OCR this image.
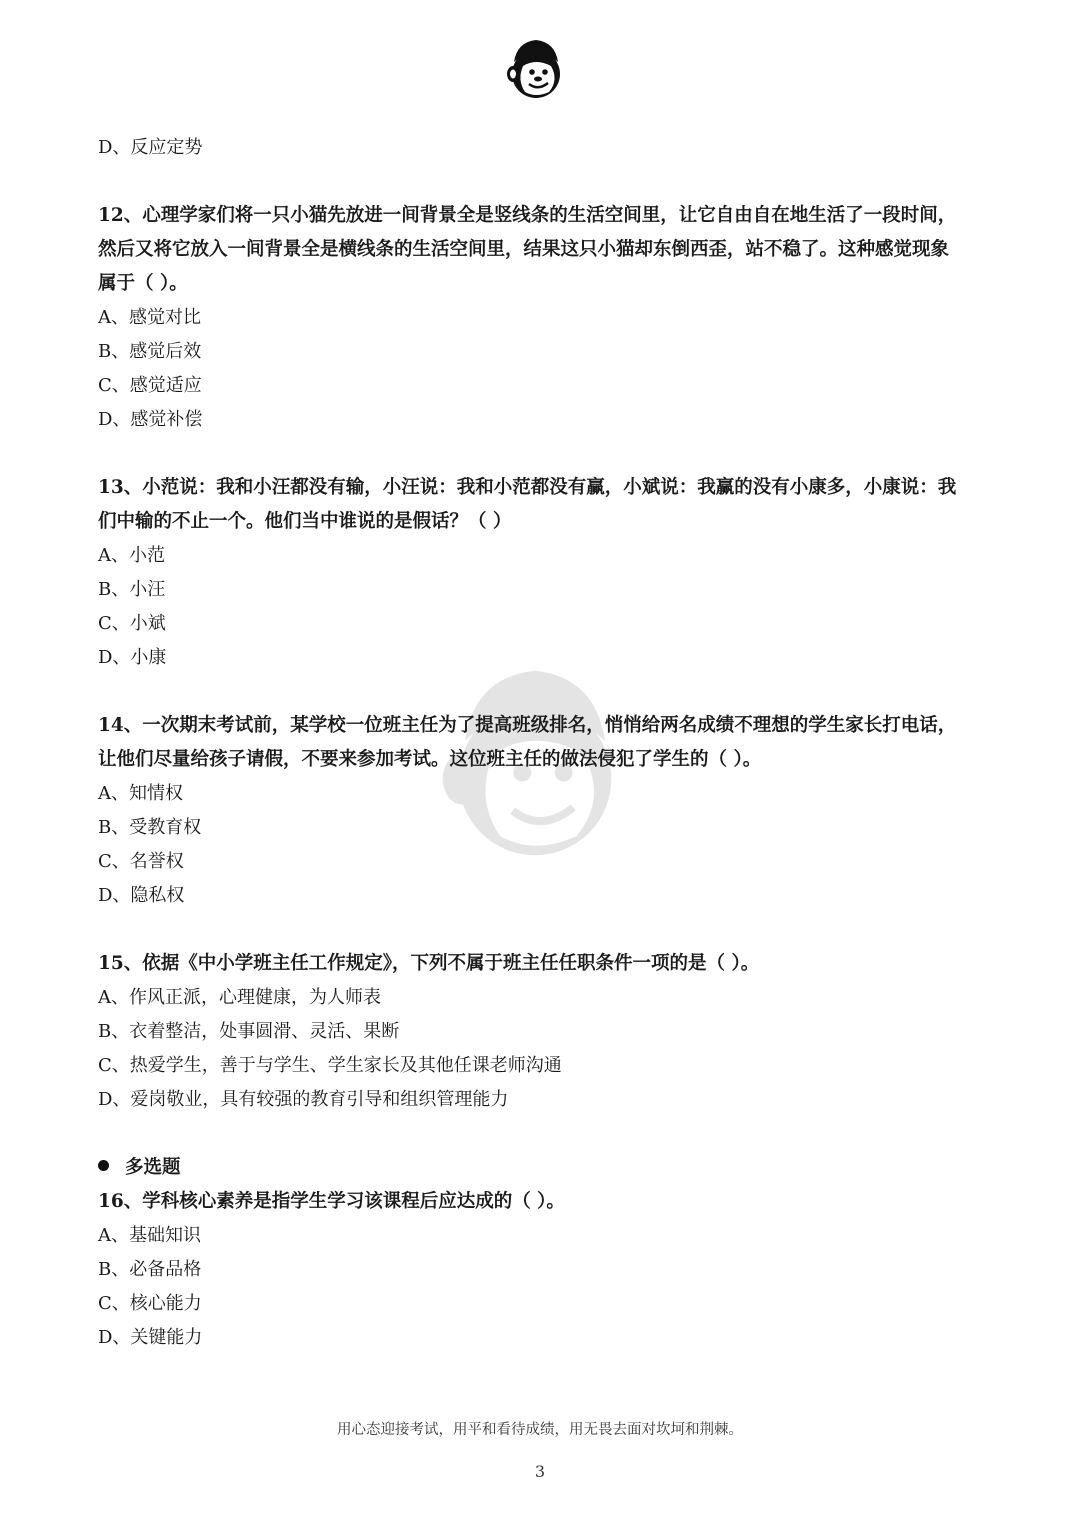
D、反应定势
12、心理学家们将一只小猫先放进一间背景全是竖线条的生活空间里，让它自由自在地生活了一段时间，
然后又将它放入一间背景全是横线条的生活空间里，结果这只小猫却东倒西歪，站不稳了。这种感觉现象
属于（ ）。
A、感觉对比
B、感觉后效
C、感觉适应
D、感觉补偿
13、小范说：我和小汪都没有输，小汪说：我和小范都没有赢，小斌说：我赢的没有小康多，小康说：我
们中输的不止一个。他们当中谁说的是假话？（ ）
A、小范
B、小汪
C、小斌
D、小康
14、一次期末考试前，某学校一位班主任为了提高班级排名，悄悄给两名成绩不理想的学生家长打电话，
让他们尽量给孩子请假，不要来参加考试。这位班主任的做法侵犯了学生的（ ）。
A、知情权
B、受教育权
C、名誉权
D、隐私权
15、依据《中小学班主任工作规定》，下列不属于班主任任职条件一项的是（ ）。
A、作风正派，心理健康，为人师表
B、衣着整洁，处事圆滑、灵活、果断
C、热爱学生，善于与学生、学生家长及其他任课老师沟通
D、爱岗敬业，具有较强的教育引导和组织管理能力
多选题
16、学科核心素养是指学生学习该课程后应达成的（ ）。
A、基础知识
B、必备品格
C、核心能力
D、关键能力
用心态迎接考试，用平和看待成绩，用无畏去面对坎坷和荆棘。
3
